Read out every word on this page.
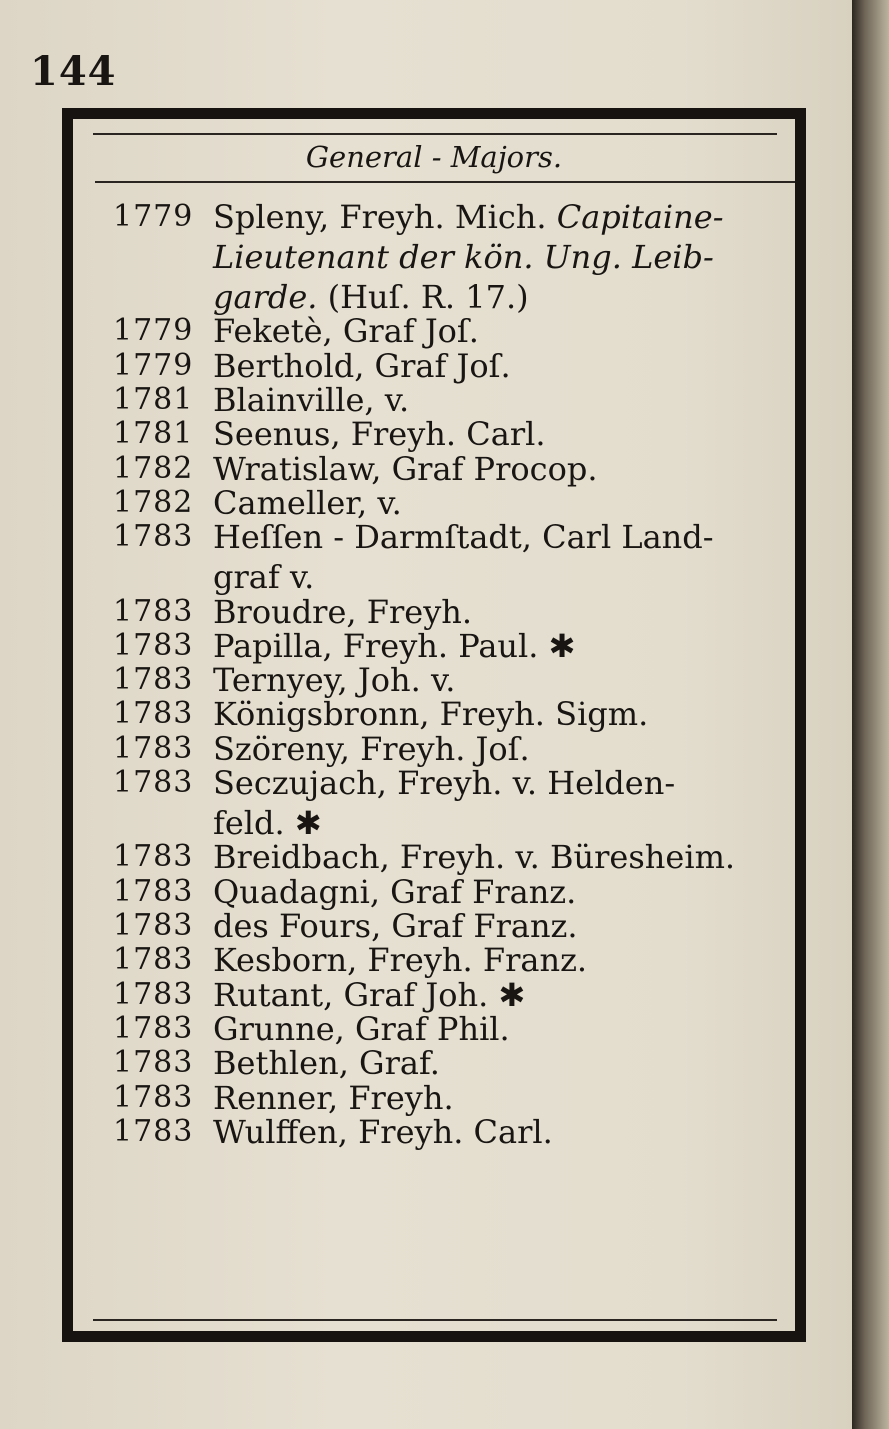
144
General - Majors.
1779 Spleny, Freyh. Mich. Capitaine-
Lieutenant der kön. Ung. Leib-
garde. (Huſ. R. 17.)
1779 Feketè, Graf Joſ.
1779 Berthold, Graf Joſ.
1781 Blainville, v.
1781 Seenus, Freyh. Carl.
1782 Wratislaw, Graf Procop.
1782 Cameller, v.
1783 Heſſen - Darmſtadt, Carl Land-
graf v.
1783 Broudre, Freyh.
1783 Papilla, Freyh. Paul. ✱
1783 Ternyey, Joh. v.
1783 Königsbronn, Freyh. Sigm.
1783 Szöreny, Freyh. Joſ.
1783 Seczujach, Freyh. v. Helden-
feld. ✱
1783 Breidbach, Freyh. v. Büresheim.
1783 Quadagni, Graf Franz.
1783 des Fours, Graf Franz.
1783 Kesborn, Freyh. Franz.
1783 Rutant, Graf Joh. ✱
1783 Grunne, Graf Phil.
1783 Bethlen, Graf.
1783 Renner, Freyh.
1783 Wulffen, Freyh. Carl.
